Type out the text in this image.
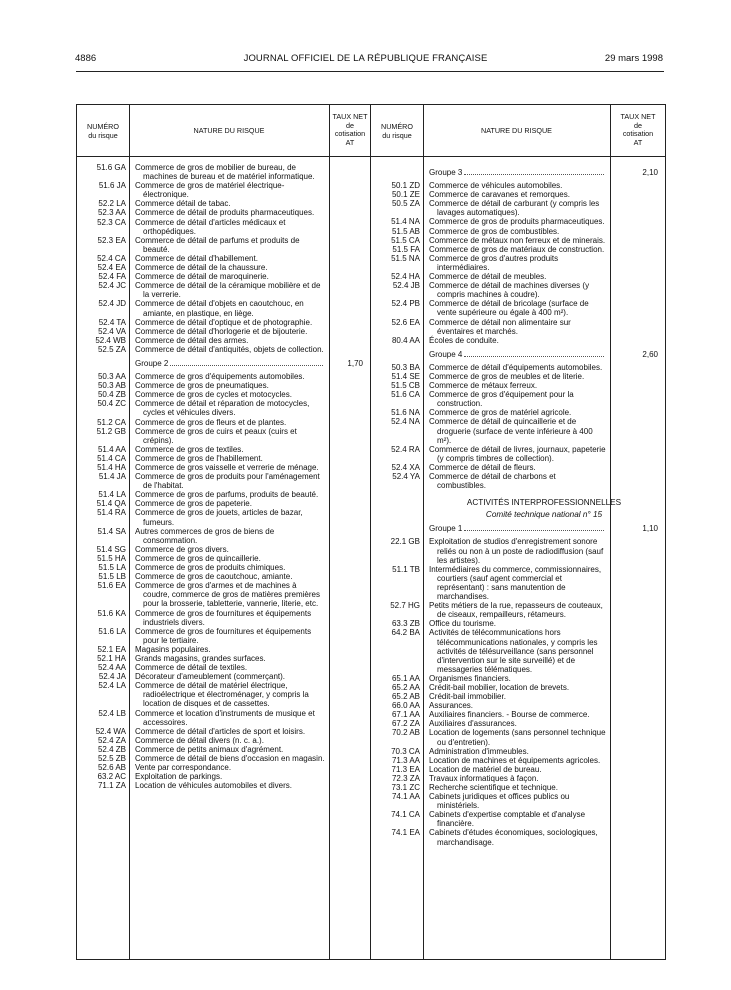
4886	JOURNAL OFFICIEL DE LA RÉPUBLIQUE FRANÇAISE	29 mars 1998
NUMÉRO
du risque	NATURE DU RISQUE
TAUX NET
de
cotisation
AT
51.6 GA	Commerce de gros de mobilier de bureau, de machines de bureau et de matériel informatique.
51.6 JA	Commerce de gros de matériel électrique-électronique.
52.2 LA	Commerce détail de tabac.
52.3 AA	Commerce de détail de produits pharmaceutiques.
52.3 CA	Commerce de détail d'articles médicaux et orthopédiques.
52.3 EA	Commerce de détail de parfums et produits de beauté.
52.4 CA	Commerce de détail d'habillement.
52.4 EA	Commerce de détail de la chaussure.
52.4 FA	Commerce de détail de maroquinerie.
52.4 JC	Commerce de détail de la céramique mobilière et de la verrerie.
52.4 JD	Commerce de détail d'objets en caoutchouc, en amiante, en plastique, en liège.
52.4 TA	Commerce de détail d'optique et de photographie.
52.4 VA	Commerce de détail d'horlogerie et de bijouterie.
52.4 WB	Commerce de détail des armes.
52.5 ZA	Commerce de détail d'antiquités, objets de collection.
Groupe 2	1,70
50.3 AA	Commerce de gros d'équipements automobiles.
50.3 AB	Commerce de gros de pneumatiques.
50.4 ZB	Commerce de gros de cycles et motocycles.
50.4 ZC	Commerce de détail et réparation de motocycles, cycles et véhicules divers.
51.2 CA	Commerce de gros de fleurs et de plantes.
51.2 GB	Commerce de gros de cuirs et peaux (cuirs et crépins).
51.4 AA	Commerce de gros de textiles.
51.4 CA	Commerce de gros de l'habillement.
51.4 HA	Commerce de gros vaisselle et verrerie de ménage.
51.4 JA	Commerce de gros de produits pour l'aménagement de l'habitat.
51.4 LA	Commerce de gros de parfums, produits de beauté.
51.4 QA	Commerce de gros de papeterie.
51.4 RA	Commerce de gros de jouets, articles de bazar, fumeurs.
51.4 SA	Autres commerces de gros de biens de consommation.
51.4 SG	Commerce de gros divers.
51.5 HA	Commerce de gros de quincaillerie.
51.5 LA	Commerce de gros de produits chimiques.
51.5 LB	Commerce de gros de caoutchouc, amiante.
51.6 EA	Commerce de gros d'armes et de machines à coudre, commerce de gros de matières premières pour la brosserie, tabletterie, vannerie, literie, etc.
51.6 KA	Commerce de gros de fournitures et équipements industriels divers.
51.6 LA	Commerce de gros de fournitures et équipements pour le tertiaire.
52.1 EA	Magasins populaires.
52.1 HA	Grands magasins, grandes surfaces.
52.4 AA	Commerce de détail de textiles.
52.4 JA	Décorateur d'ameublement (commerçant).
52.4 LA	Commerce de détail de matériel électrique, radioélectrique et électroménager, y compris la location de disques et de cassettes.
52.4 LB	Commerce et location d'instruments de musique et accessoires.
52.4 WA	Commerce de détail d'articles de sport et loisirs.
52.4 ZA	Commerce de détail divers (n. c. a.).
52.4 ZB	Commerce de petits animaux d'agrément.
52.5 ZB	Commerce de détail de biens d'occasion en magasin.
52.6 AB	Vente par correspondance.
63.2 AC	Exploitation de parkings.
71.1 ZA	Location de véhicules automobiles et divers.
NUMÉRO
du risque	NATURE DU RISQUE
TAUX NET
de
cotisation
AT
Groupe 3	2,10
50.1 ZD	Commerce de véhicules automobiles.
50.1 ZE	Commerce de caravanes et remorques.
50.5 ZA	Commerce de détail de carburant (y compris les lavages automatiques).
51.4 NA	Commerce de gros de produits pharmaceutiques.
51.5 AB	Commerce de gros de combustibles.
51.5 CA	Commerce de métaux non ferreux et de minerais.
51.5 FA	Commerce de gros de matériaux de construction.
51.5 NA	Commerce de gros d'autres produits intermédiaires.
52.4 HA	Commerce de détail de meubles.
52.4 JB	Commerce de détail de machines diverses (y compris machines à coudre).
52.4 PB	Commerce de détail de bricolage (surface de vente supérieure ou égale à 400 m²).
52.6 EA	Commerce de détail non alimentaire sur éventaires et marchés.
80.4 AA	Écoles de conduite.
Groupe 4	2,60
50.3 BA	Commerce de détail d'équipements automobiles.
51.4 SE	Commerce de gros de meubles et de literie.
51.5 CB	Commerce de métaux ferreux.
51.6 CA	Commerce de gros d'équipement pour la construction.
51.6 NA	Commerce de gros de matériel agricole.
52.4 NA	Commerce de détail de quincaillerie et de droguerie (surface de vente inférieure à 400 m²).
52.4 RA	Commerce de détail de livres, journaux, papeterie (y compris timbres de collection).
52.4 XA	Commerce de détail de fleurs.
52.4 YA	Commerce de détail de charbons et combustibles.
ACTIVITÉS INTERPROFESSIONNELLES
Comité technique national n° 15
Groupe 1	1,10
22.1 GB	Exploitation de studios d'enregistrement sonore reliés ou non à un poste de radiodiffusion (sauf les artistes).
51.1 TB	Intermédiaires du commerce, commissionnaires, courtiers (sauf agent commercial et représentant) : sans manutention de marchandises.
52.7 HG	Petits métiers de la rue, repasseurs de couteaux, de ciseaux, rempailleurs, rétameurs.
63.3 ZB	Office du tourisme.
64.2 BA	Activités de télécommunications hors télécommunications nationales, y compris les activités de télésurveillance (sans personnel d'intervention sur le site surveillé) et de messageries télématiques.
65.1 AA	Organismes financiers.
65.2 AA	Crédit-bail mobilier, location de brevets.
65.2 AB	Crédit-bail immobilier.
66.0 AA	Assurances.
67.1 AA	Auxiliaires financiers. - Bourse de commerce.
67.2 ZA	Auxiliaires d'assurances.
70.2 AB	Location de logements (sans personnel technique ou d'entretien).
70.3 CA	Administration d'immeubles.
71.3 AA	Location de machines et équipements agricoles.
71.3 EA	Location de matériel de bureau.
72.3 ZA	Travaux informatiques à façon.
73.1 ZC	Recherche scientifique et technique.
74.1 AA	Cabinets juridiques et offices publics ou ministériels.
74.1 CA	Cabinets d'expertise comptable et d'analyse financière.
74.1 EA	Cabinets d'études économiques, sociologiques, marchandisage.
